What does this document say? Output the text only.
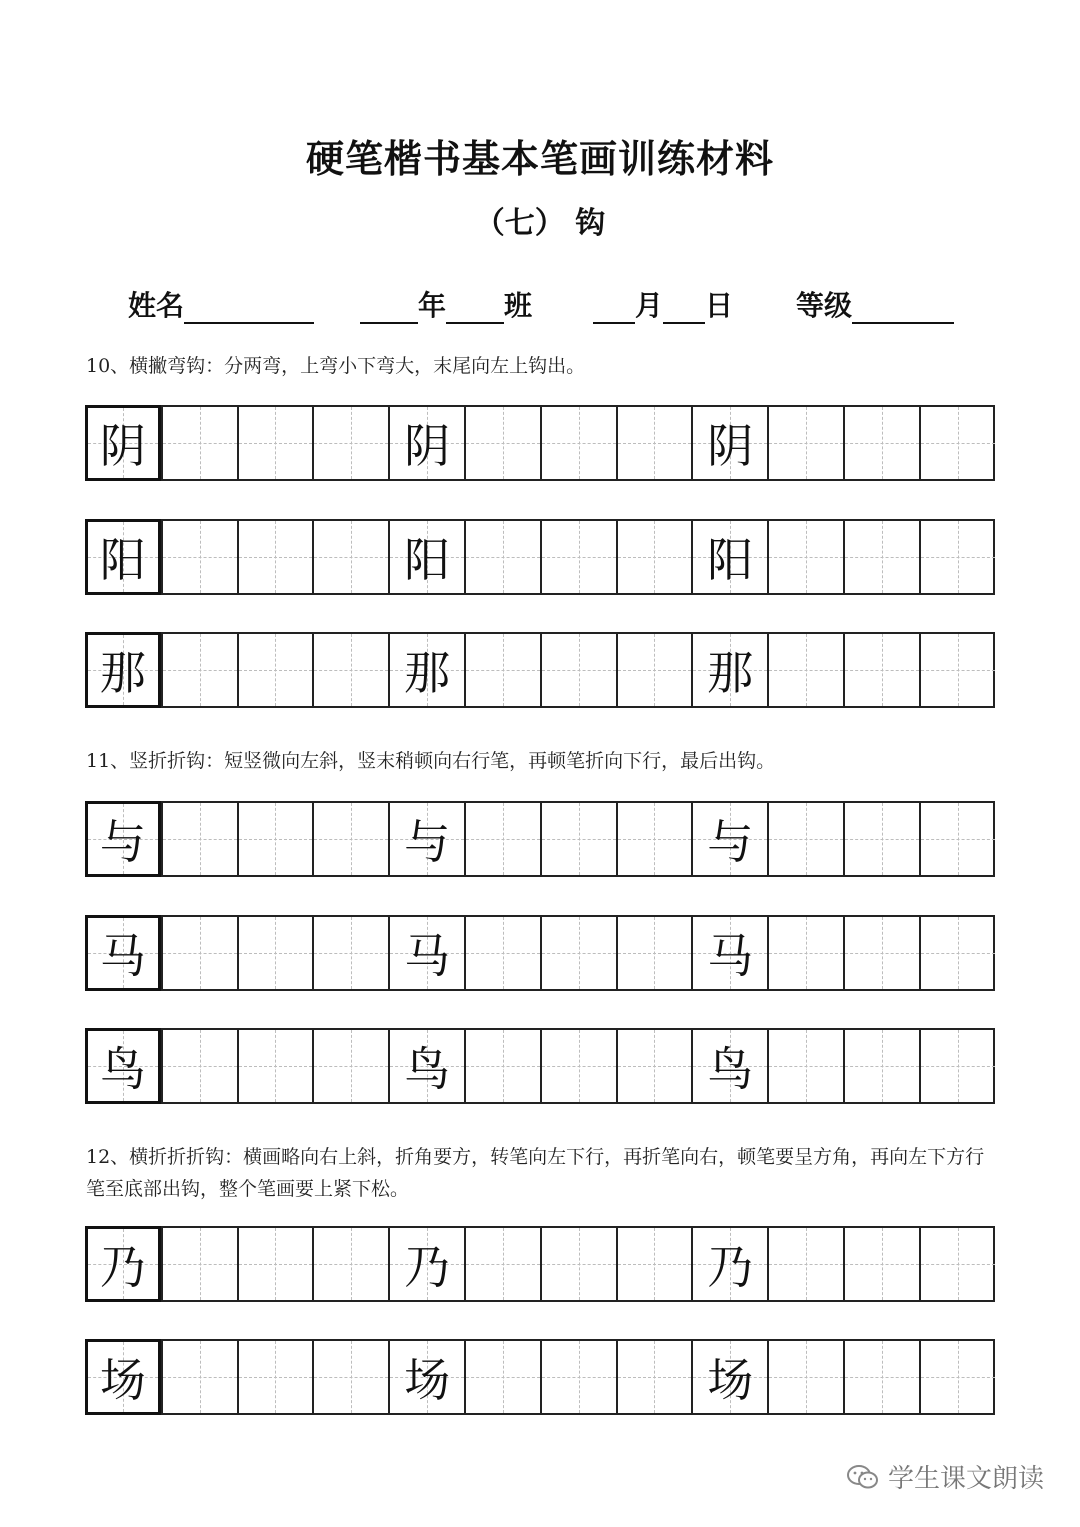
硬笔楷书基本笔画训练材料
（七） 钩
姓名	年 班	月 日 等级
10、横撇弯钩：分两弯，上弯小下弯大，末尾向左上钩出。
阴	阴	阴
阳	阳	阳
那	那	那
11、竖折折钩：短竖微向左斜，竖末稍顿向右行笔，再顿笔折向下行，最后出钩。
与	与	与
马	马	马
鸟	鸟	鸟
12、横折折折钩：横画略向右上斜，折角要方，转笔向左下行，再折笔向右，顿笔要呈方角，再向左下方行笔至底部出钩，整个笔画要上紧下松。
乃	乃	乃
场	场	场
学生课文朗读
